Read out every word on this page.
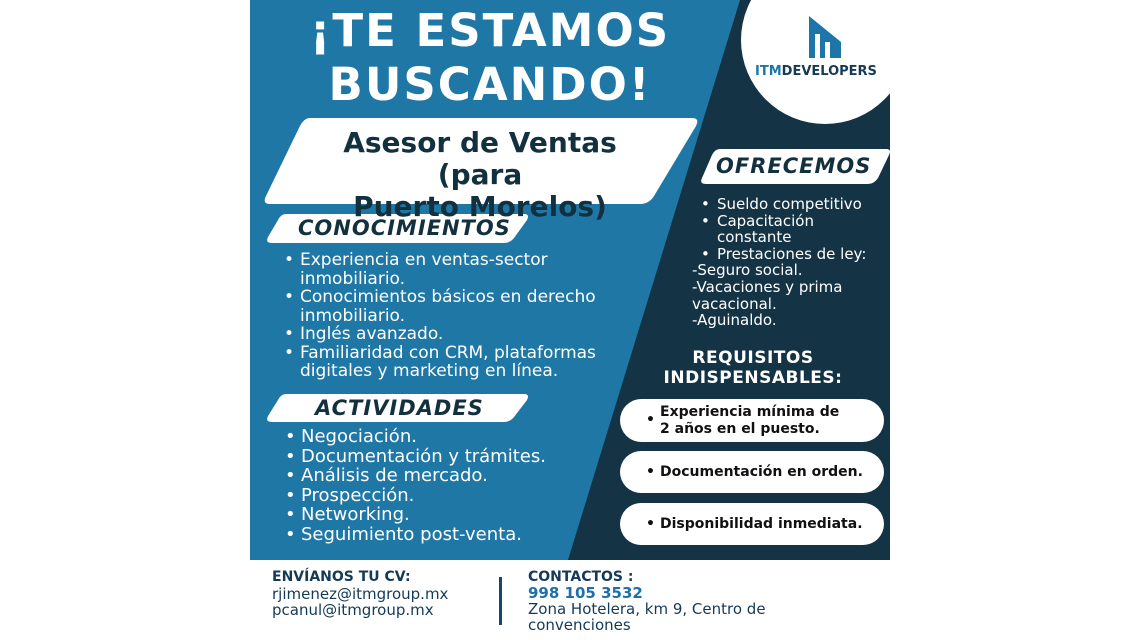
¡TE ESTAMOS
BUSCANDO!	ITMDEVELOPERS
Asesor de Ventas (para
Puerto Morelos)
CONOCIMIENTOS
• Experiencia en ventas-sector
inmobiliario.
• Conocimientos básicos en derecho
inmobiliario.
• Inglés avanzado.
• Familiaridad con CRM, plataformas
digitales y marketing en línea.
ACTIVIDADES
• Negociación.
• Documentación y trámites.
• Análisis de mercado.
• Prospección.
• Networking.
• Seguimiento post-venta.
OFRECEMOS
• Sueldo competitivo
• Capacitación
constante
• Prestaciones de ley:
-Seguro social.
-Vacaciones y prima
vacacional.
-Aguinaldo.
REQUISITOS
INDISPENSABLES:
•
Experiencia mínima de
2 años en el puesto.
• Documentación en orden.
• Disponibilidad inmediata.
ENVÍANOS TU CV:
rjimenez@itmgroup.mx
pcanul@itmgroup.mx
CONTACTOS :
998 105 3532
Zona Hotelera, km 9, Centro de
convenciones
